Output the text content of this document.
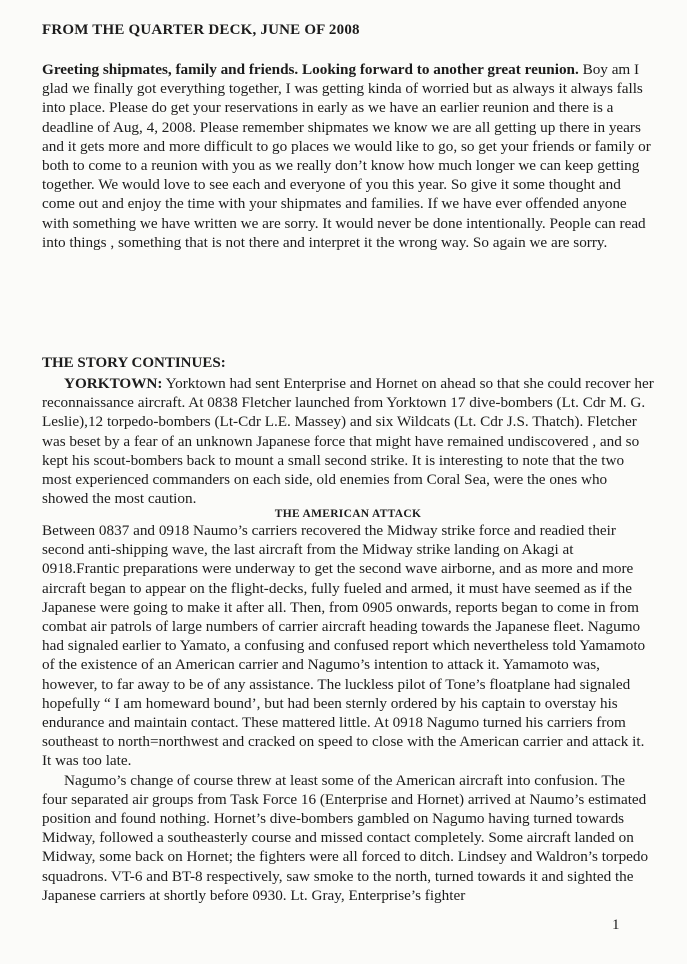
FROM THE QUARTER DECK, JUNE OF 2008

Greeting shipmates, family and friends. Looking forward to another great reunion. Boy am I glad we finally got everything together, I was getting kinda of worried but as always it always falls into place. Please do get your reservations in early as we have an earlier reunion and there is a deadline of Aug, 4, 2008. Please remember shipmates we know we are all getting up there in years and it gets more and more difficult to go places we would like to go, so get your friends or family or both to come to a reunion with you as we really don’t know how much longer we can keep getting together. We would love to see each and everyone of you this year. So give it some thought and come out and enjoy the time with your shipmates and families. If we have ever offended anyone with something we have written we are sorry. It would never be done intentionally. People can read into things , something that is not there and interpret it the wrong way. So again we are sorry.

THE STORY CONTINUES:

YORKTOWN: Yorktown had sent Enterprise and Hornet on ahead so that she could recover her reconnaissance aircraft. At 0838 Fletcher launched from Yorktown 17 dive-bombers (Lt. Cdr M. G. Leslie),12 torpedo-bombers (Lt-Cdr L.E. Massey) and six Wildcats (Lt. Cdr J.S. Thatch). Fletcher was beset by a fear of an unknown Japanese force that might have remained undiscovered , and so kept his scout-bombers back to mount a small second strike. It is interesting to note that the two most experienced commanders on each side, old enemies from Coral Sea, were the ones who showed the most caution.

THE AMERICAN ATTACK

Between 0837 and 0918 Naumo’s carriers recovered the Midway strike force and readied their second anti-shipping wave, the last aircraft from the Midway strike landing on Akagi at 0918.Frantic preparations were underway to get the second wave airborne, and as more and more aircraft began to appear on the flight-decks, fully fueled and armed, it must have seemed as if the Japanese were going to make it after all. Then, from 0905 onwards, reports began to come in from combat air patrols of large numbers of carrier aircraft heading towards the Japanese fleet. Nagumo had signaled earlier to Yamato, a confusing and confused report which nevertheless told Yamamoto of the existence of an American carrier and Nagumo’s intention to attack it. Yamamoto was, however, to far away to be of any assistance. The luckless pilot of Tone’s floatplane had signaled hopefully “ I am homeward bound’, but had been sternly ordered by his captain to overstay his endurance and maintain contact. These mattered little. At 0918 Nagumo turned his carriers from southeast to north=northwest and cracked on speed to close with the American carrier and attack it. It was too late.

Nagumo’s change of course threw at least some of the American aircraft into confusion. The four separated air groups from Task Force 16 (Enterprise and Hornet) arrived at Naumo’s estimated position and found nothing. Hornet’s dive-bombers gambled on Nagumo having turned towards Midway, followed a southeasterly course and missed contact completely. Some aircraft landed on Midway, some back on Hornet; the fighters were all forced to ditch. Lindsey and Waldron’s torpedo squadrons. VT-6 and BT-8 respectively, saw smoke to the north, turned towards it and sighted the Japanese carriers at shortly before 0930. Lt. Gray, Enterprise’s fighter

1
